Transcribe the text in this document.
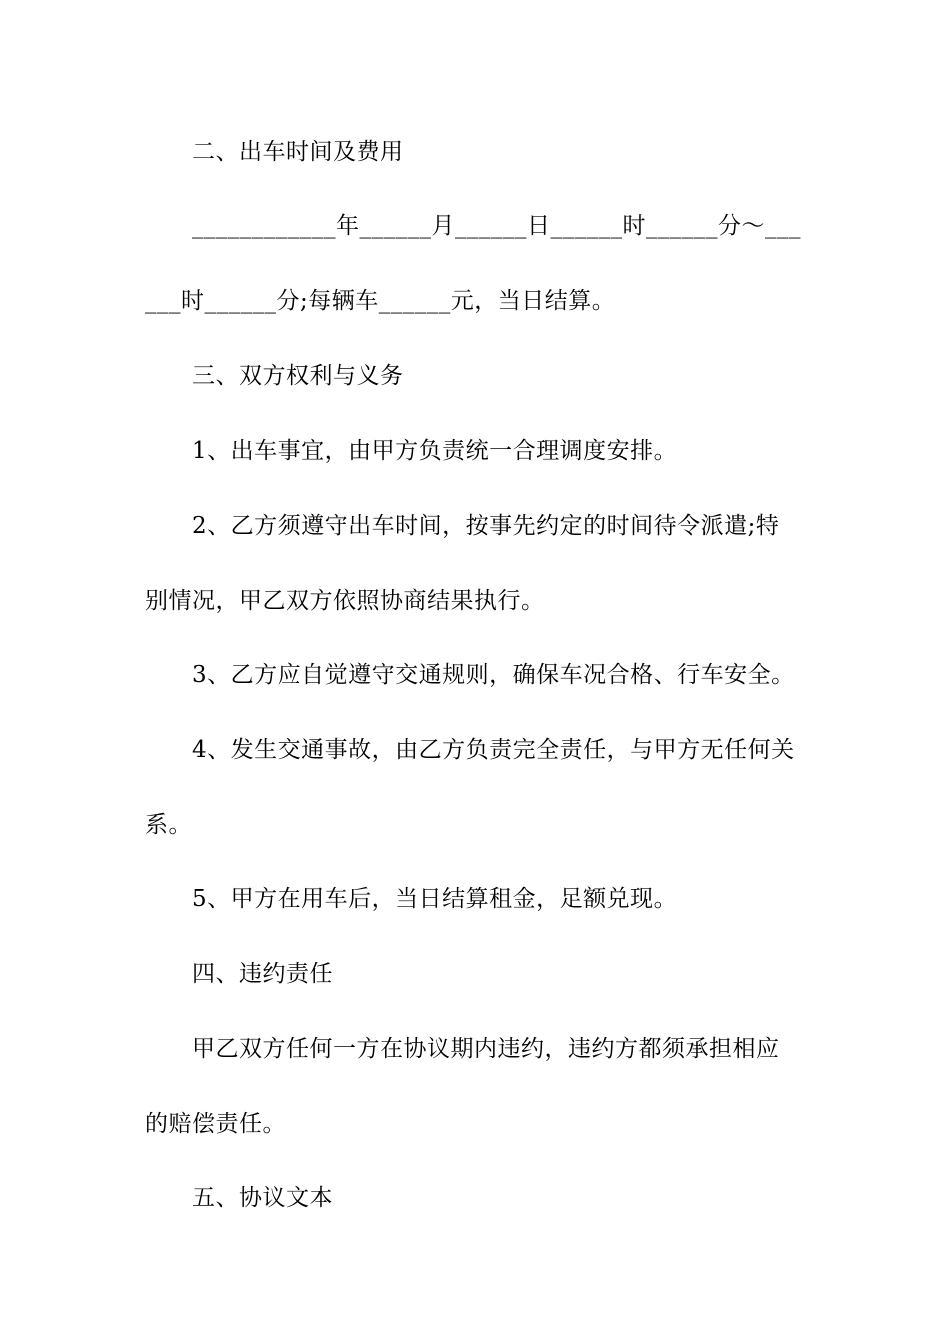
二、出车时间及费用
____________年______月______日______时______分～___
___时______分;每辆车______元，当日结算。
三、双方权利与义务
1、出车事宜，由甲方负责统一合理调度安排。
2、乙方须遵守出车时间，按事先约定的时间待令派遣;特
别情况，甲乙双方依照协商结果执行。
3、乙方应自觉遵守交通规则，确保车况合格、行车安全。
4、发生交通事故，由乙方负责完全责任，与甲方无任何关
系。
5、甲方在用车后，当日结算租金，足额兑现。
四、违约责任
甲乙双方任何一方在协议期内违约，违约方都须承担相应
的赔偿责任。
五、协议文本
